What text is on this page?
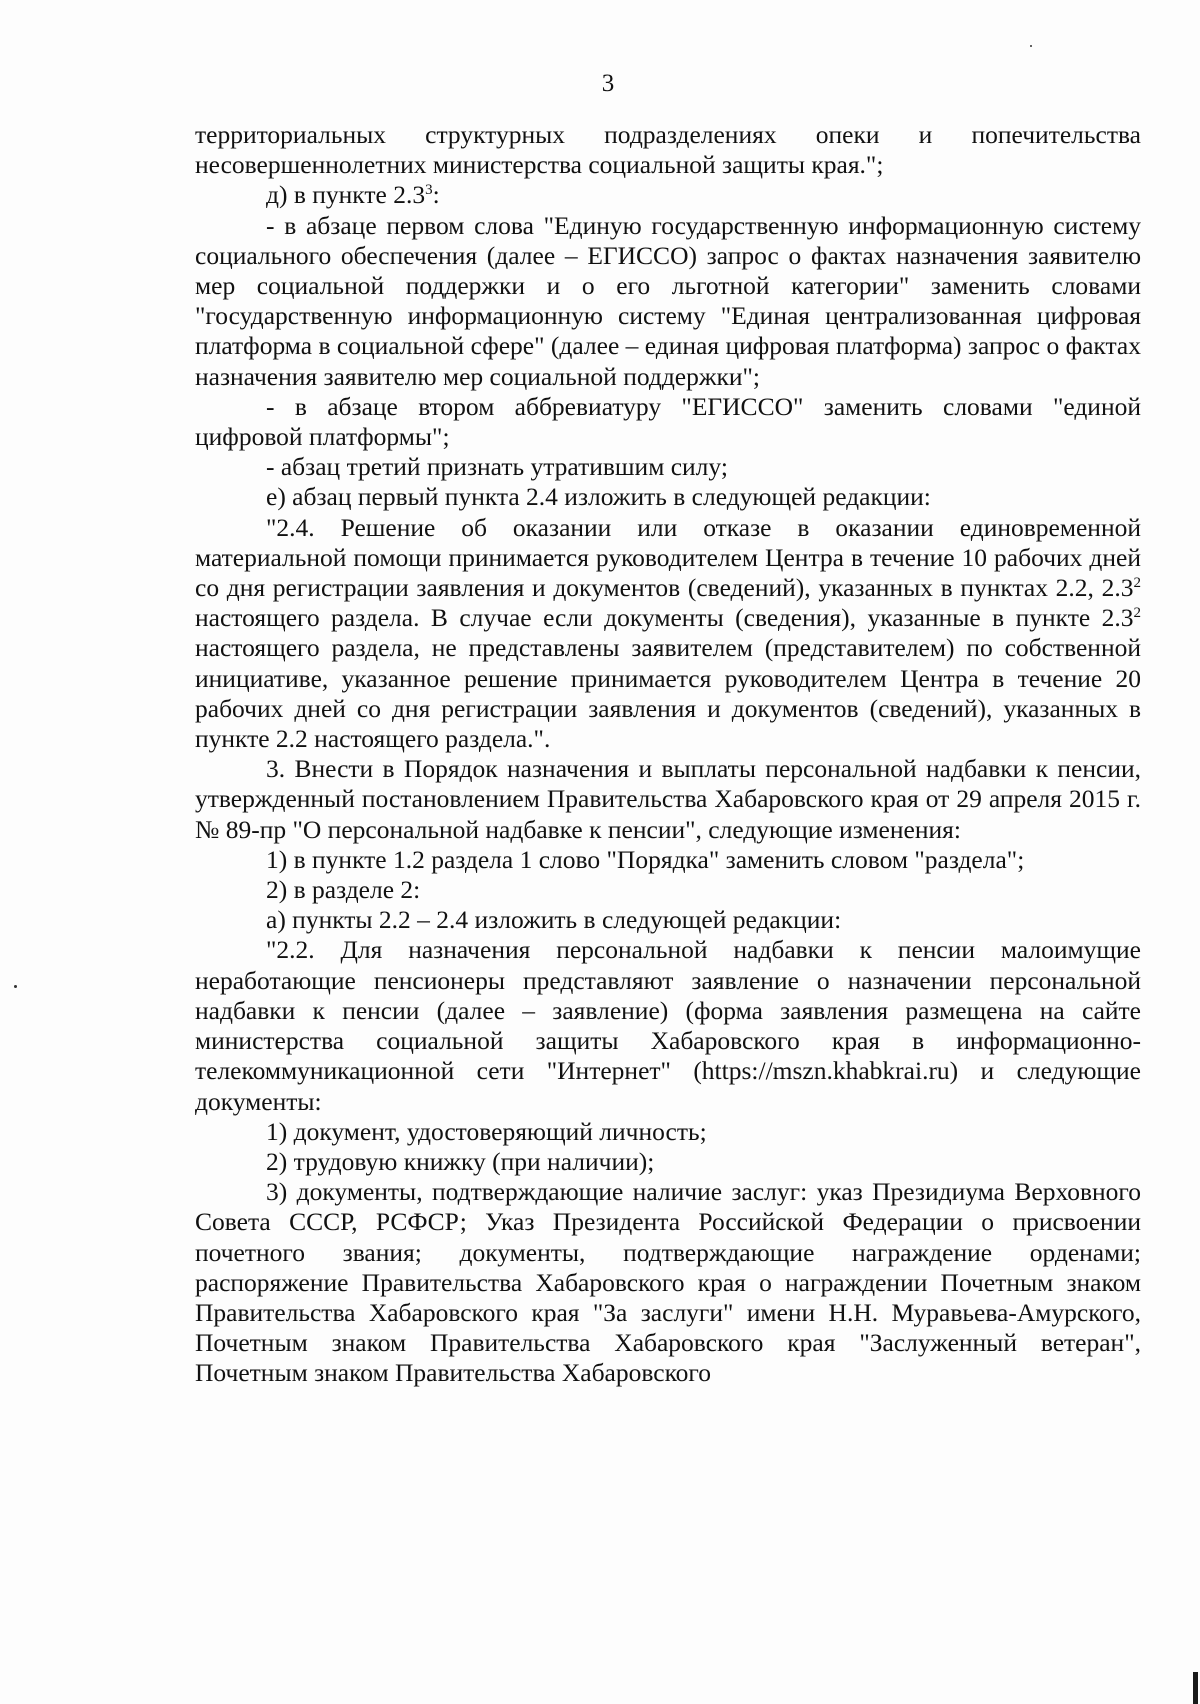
3

территориальных структурных подразделениях опеки и попечительства несовершеннолетних министерства социальной защиты края.";

д) в пункте $2.3^3$:

- в абзаце первом слова "Единую государственную информационную систему социального обеспечения (далее – ЕГИССО) запрос о фактах назначения заявителю мер социальной поддержки и о его льготной категории" заменить словами "государственную информационную систему "Единая централизованная цифровая платформа в социальной сфере" (далее – единая цифровая платформа) запрос о фактах назначения заявителю мер социальной поддержки";

- в абзаце втором аббревиатуру "ЕГИССО" заменить словами "единой цифровой платформы";

- абзац третий признать утратившим силу;

е) абзац первый пункта 2.4 изложить в следующей редакции:

"2.4. Решение об оказании или отказе в оказании единовременной материальной помощи принимается руководителем Центра в течение 10 рабочих дней со дня регистрации заявления и документов (сведений), указанных в пунктах 2.2, $2.3^2$ настоящего раздела. В случае если документы (сведения), указанные в пункте $2.3^2$ настоящего раздела, не представлены заявителем (представителем) по собственной инициативе, указанное решение принимается руководителем Центра в течение 20 рабочих дней со дня регистрации заявления и документов (сведений), указанных в пункте 2.2 настоящего раздела.".

3. Внести в Порядок назначения и выплаты персональной надбавки к пенсии, утвержденный постановлением Правительства Хабаровского края от 29 апреля 2015 г. № 89-пр "О персональной надбавке к пенсии", следующие изменения:

1) в пункте 1.2 раздела 1 слово "Порядка" заменить словом "раздела";

2) в разделе 2:

а) пункты 2.2 – 2.4 изложить в следующей редакции:

"2.2. Для назначения персональной надбавки к пенсии малоимущие неработающие пенсионеры представляют заявление о назначении персональной надбавки к пенсии (далее – заявление) (форма заявления размещена на сайте министерства социальной защиты Хабаровского края в информационно-телекоммуникационной сети "Интернет" (https://mszn.khabkrai.ru) и следующие документы:

1) документ, удостоверяющий личность;

2) трудовую книжку (при наличии);

3) документы, подтверждающие наличие заслуг: указ Президиума Верховного Совета СССР, РСФСР; Указ Президента Российской Федерации о присвоении почетного звания; документы, подтверждающие награждение орденами; распоряжение Правительства Хабаровского края о награждении Почетным знаком Правительства Хабаровского края "За заслуги" имени Н.Н. Муравьева-Амурского, Почетным знаком Правительства Хабаровского края "Заслуженный ветеран", Почетным знаком Правительства Хабаровского
